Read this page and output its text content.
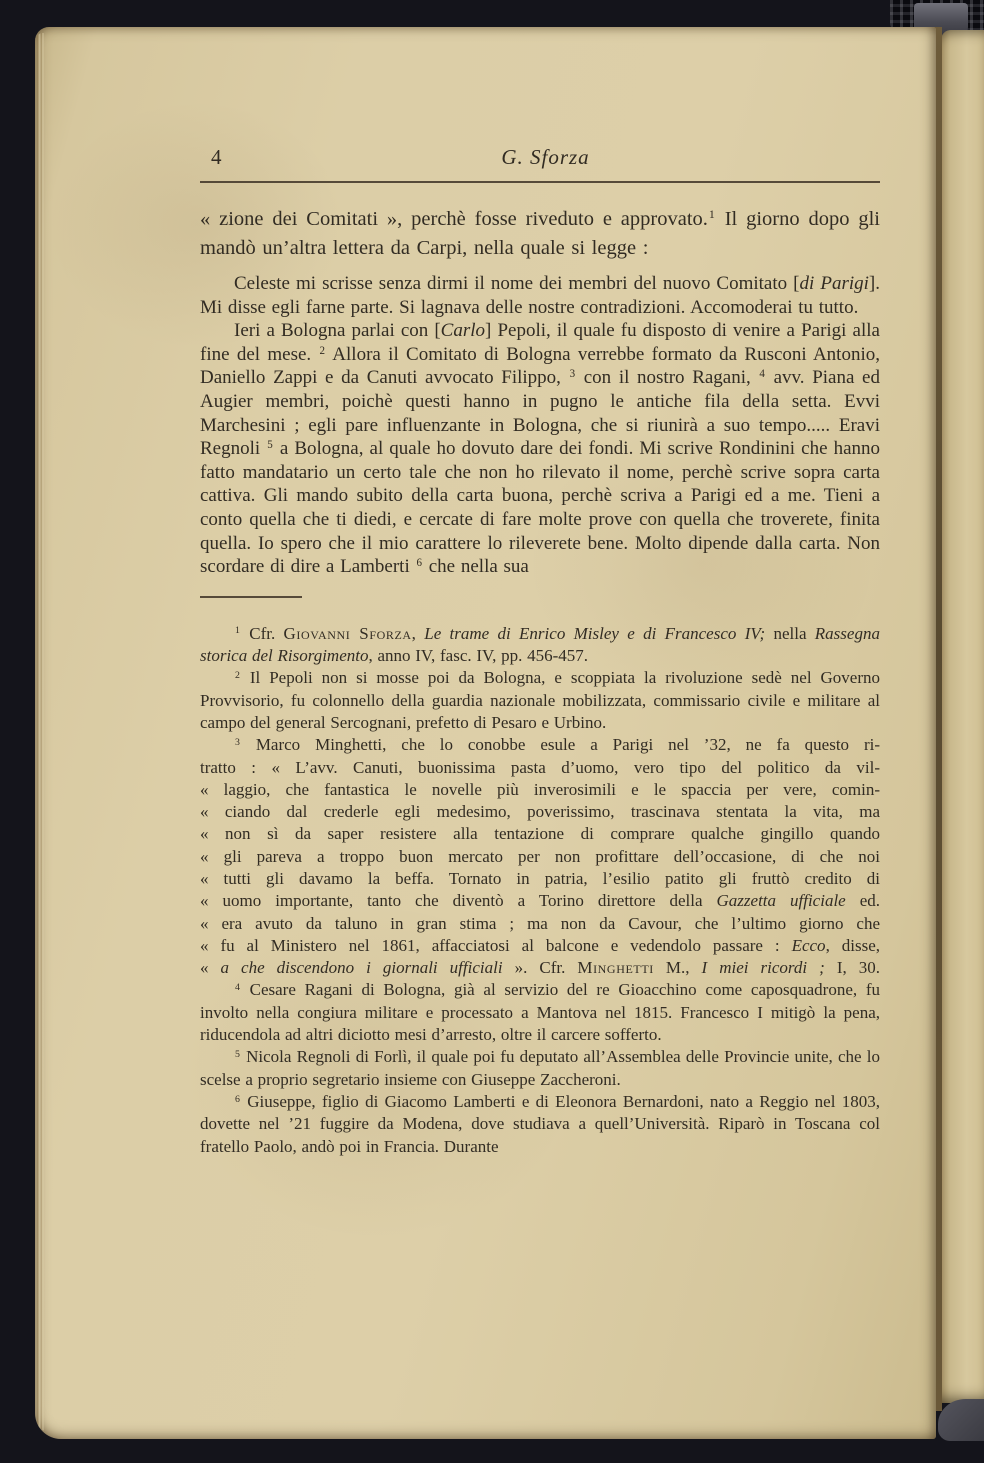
4	G. Sforza

« zione dei Comitati », perchè fosse riveduto e approvato.$^1$ Il giorno dopo gli mandò un’altra lettera da Carpi, nella quale si legge :

Celeste mi scrisse senza dirmi il nome dei membri del nuovo Comitato [di Parigi]. Mi disse egli farne parte. Si lagnava delle nostre contradizioni. Accomoderai tu tutto.

Ieri a Bologna parlai con [Carlo] Pepoli, il quale fu disposto di venire a Parigi alla fine del mese. $^2$ Allora il Comitato di Bologna verrebbe formato da Rusconi Antonio, Daniello Zappi e da Canuti avvocato Filippo, $^3$ con il nostro Ragani, $^4$ avv. Piana ed Augier membri, poichè questi hanno in pugno le antiche fila della setta. Evvi Marchesini ; egli pare influenzante in Bologna, che si riunirà a suo tempo..... Eravi Regnoli $^5$ a Bologna, al quale ho dovuto dare dei fondi. Mi scrive Rondinini che hanno fatto mandatario un certo tale che non ho rilevato il nome, perchè scrive sopra carta cattiva. Gli mando subito della carta buona, perchè scriva a Parigi ed a me. Tieni a conto quella che ti diedi, e cercate di fare molte prove con quella che troverete, finita quella. Io spero che il mio carattere lo rileverete bene. Molto dipende dalla carta. Non scordare di dire a Lamberti $^6$ che nella sua

$^1$ Cfr. Giovanni Sforza, Le trame di Enrico Misley e di Francesco IV; nella Rassegna storica del Risorgimento, anno IV, fasc. IV, pp. 456-457.

$^2$ Il Pepoli non si mosse poi da Bologna, e scoppiata la rivoluzione sedè nel Governo Provvisorio, fu colonnello della guardia nazionale mobilizzata, commissario civile e militare al campo del general Sercognani, prefetto di Pesaro e Urbino.

$^3$ Marco Minghetti, che lo conobbe esule a Parigi nel ’32, ne fa questo ri-
tratto : « L’avv. Canuti, buonissima pasta d’uomo, vero tipo del politico da vil-
« laggio, che fantastica le novelle più inverosimili e le spaccia per vere, comin-
« ciando dal crederle egli medesimo, poverissimo, trascinava stentata la vita, ma
« non sì da saper resistere alla tentazione di comprare qualche gingillo quando
« gli pareva a troppo buon mercato per non profittare dell’occasione, di che noi
« tutti gli davamo la beffa. Tornato in patria, l’esilio patito gli fruttò credito di
« uomo importante, tanto che diventò a Torino direttore della Gazzetta ufficiale ed.
« era avuto da taluno in gran stima ; ma non da Cavour, che l’ultimo giorno che
« fu al Ministero nel 1861, affacciatosi al balcone e vedendolo passare : Ecco, disse,
« a che discendono i giornali ufficiali ». Cfr. Minghetti M., I miei ricordi ; I, 30.

$^4$ Cesare Ragani di Bologna, già al servizio del re Gioacchino come caposquadrone, fu involto nella congiura militare e processato a Mantova nel 1815. Francesco I mitigò la pena, riducendola ad altri diciotto mesi d’arresto, oltre il carcere sofferto.

$^5$ Nicola Regnoli di Forlì, il quale poi fu deputato all’Assemblea delle Provincie unite, che lo scelse a proprio segretario insieme con Giuseppe Zaccheroni.

$^6$ Giuseppe, figlio di Giacomo Lamberti e di Eleonora Bernardoni, nato a Reggio nel 1803, dovette nel ’21 fuggire da Modena, dove studiava a quell’Università. Riparò in Toscana col fratello Paolo, andò poi in Francia. Durante
